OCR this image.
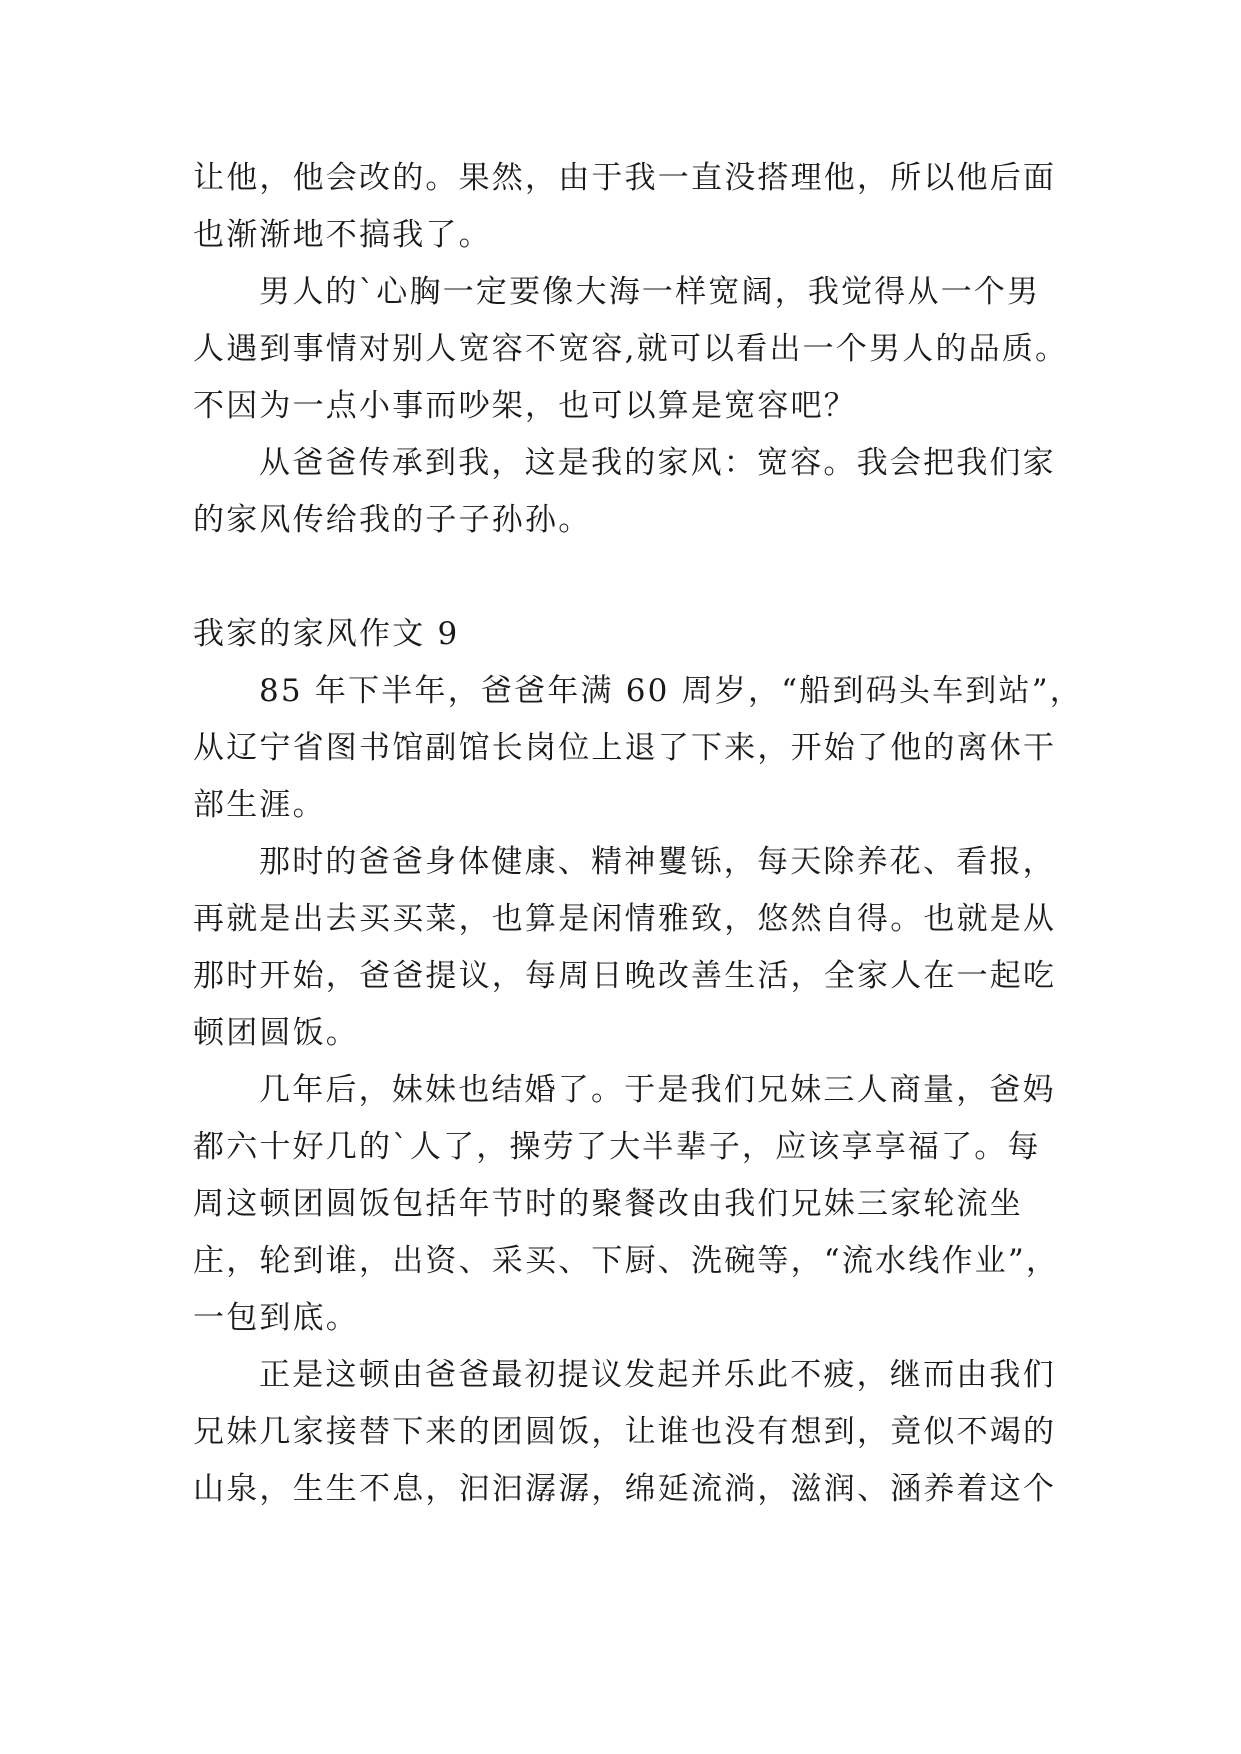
让他，他会改的。果然，由于我一直没搭理他，所以他后面
也渐渐地不搞我了。
男人的`心胸一定要像大海一样宽阔，我觉得从一个男
人遇到事情对别人宽容不宽容,就可以看出一个男人的品质。
不因为一点小事而吵架，也可以算是宽容吧？
从爸爸传承到我，这是我的家风：宽容。我会把我们家
的家风传给我的子子孙孙。
我家的家风作文 9
85 年下半年，爸爸年满 60 周岁，“船到码头车到站”，
从辽宁省图书馆副馆长岗位上退了下来，开始了他的离休干
部生涯。
那时的爸爸身体健康、精神矍铄，每天除养花、看报，
再就是出去买买菜，也算是闲情雅致，悠然自得。也就是从
那时开始，爸爸提议，每周日晚改善生活，全家人在一起吃
顿团圆饭。
几年后，妹妹也结婚了。于是我们兄妹三人商量，爸妈
都六十好几的`人了，操劳了大半辈子，应该享享福了。每
周这顿团圆饭包括年节时的聚餐改由我们兄妹三家轮流坐
庄，轮到谁，出资、采买、下厨、洗碗等，“流水线作业”，
一包到底。
正是这顿由爸爸最初提议发起并乐此不疲，继而由我们
兄妹几家接替下来的团圆饭，让谁也没有想到，竟似不竭的
山泉，生生不息，汩汩潺潺，绵延流淌，滋润、涵养着这个
